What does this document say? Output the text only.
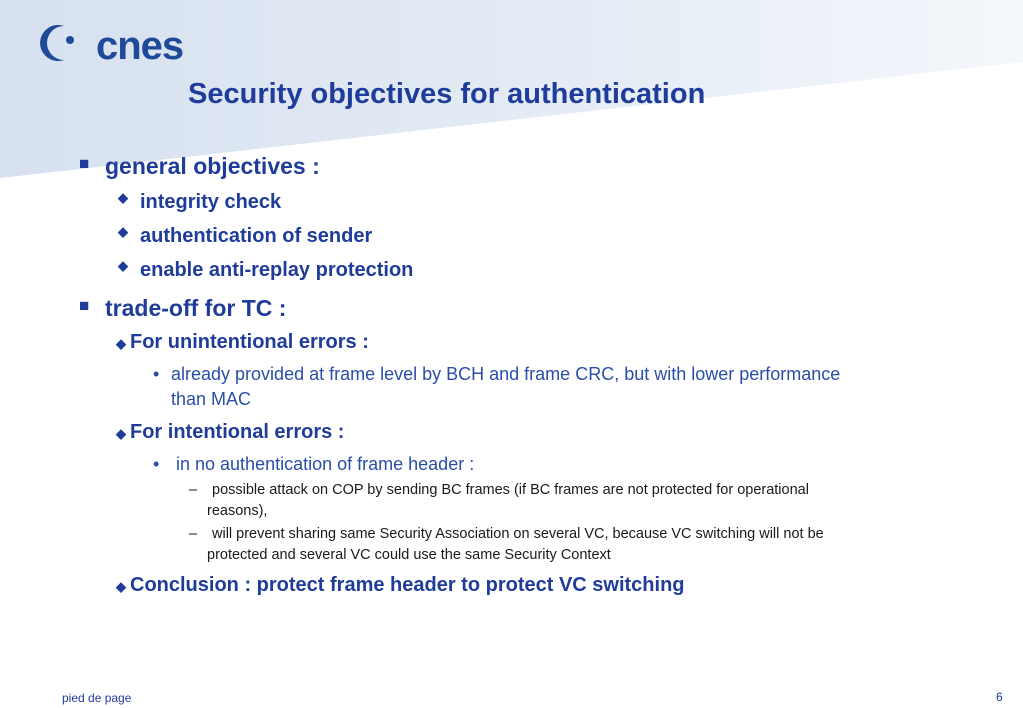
cnes
Security objectives for authentication
■ general objectives :
◆ integrity check
◆ authentication of sender
◆ enable anti-replay protection
■ trade-off for TC :
◆ For unintentional errors :
• already provided at frame level by BCH and frame CRC, but with lower performance
than MAC
◆ For intentional errors :
• in no authentication of frame header :
– possible attack on COP by sending BC frames (if BC frames are not protected for operational
reasons),
– will prevent sharing same Security Association on several VC, because VC switching will not be
protected and several VC could use the same Security Context
◆ Conclusion : protect frame header to protect VC switching
pied de page	6
